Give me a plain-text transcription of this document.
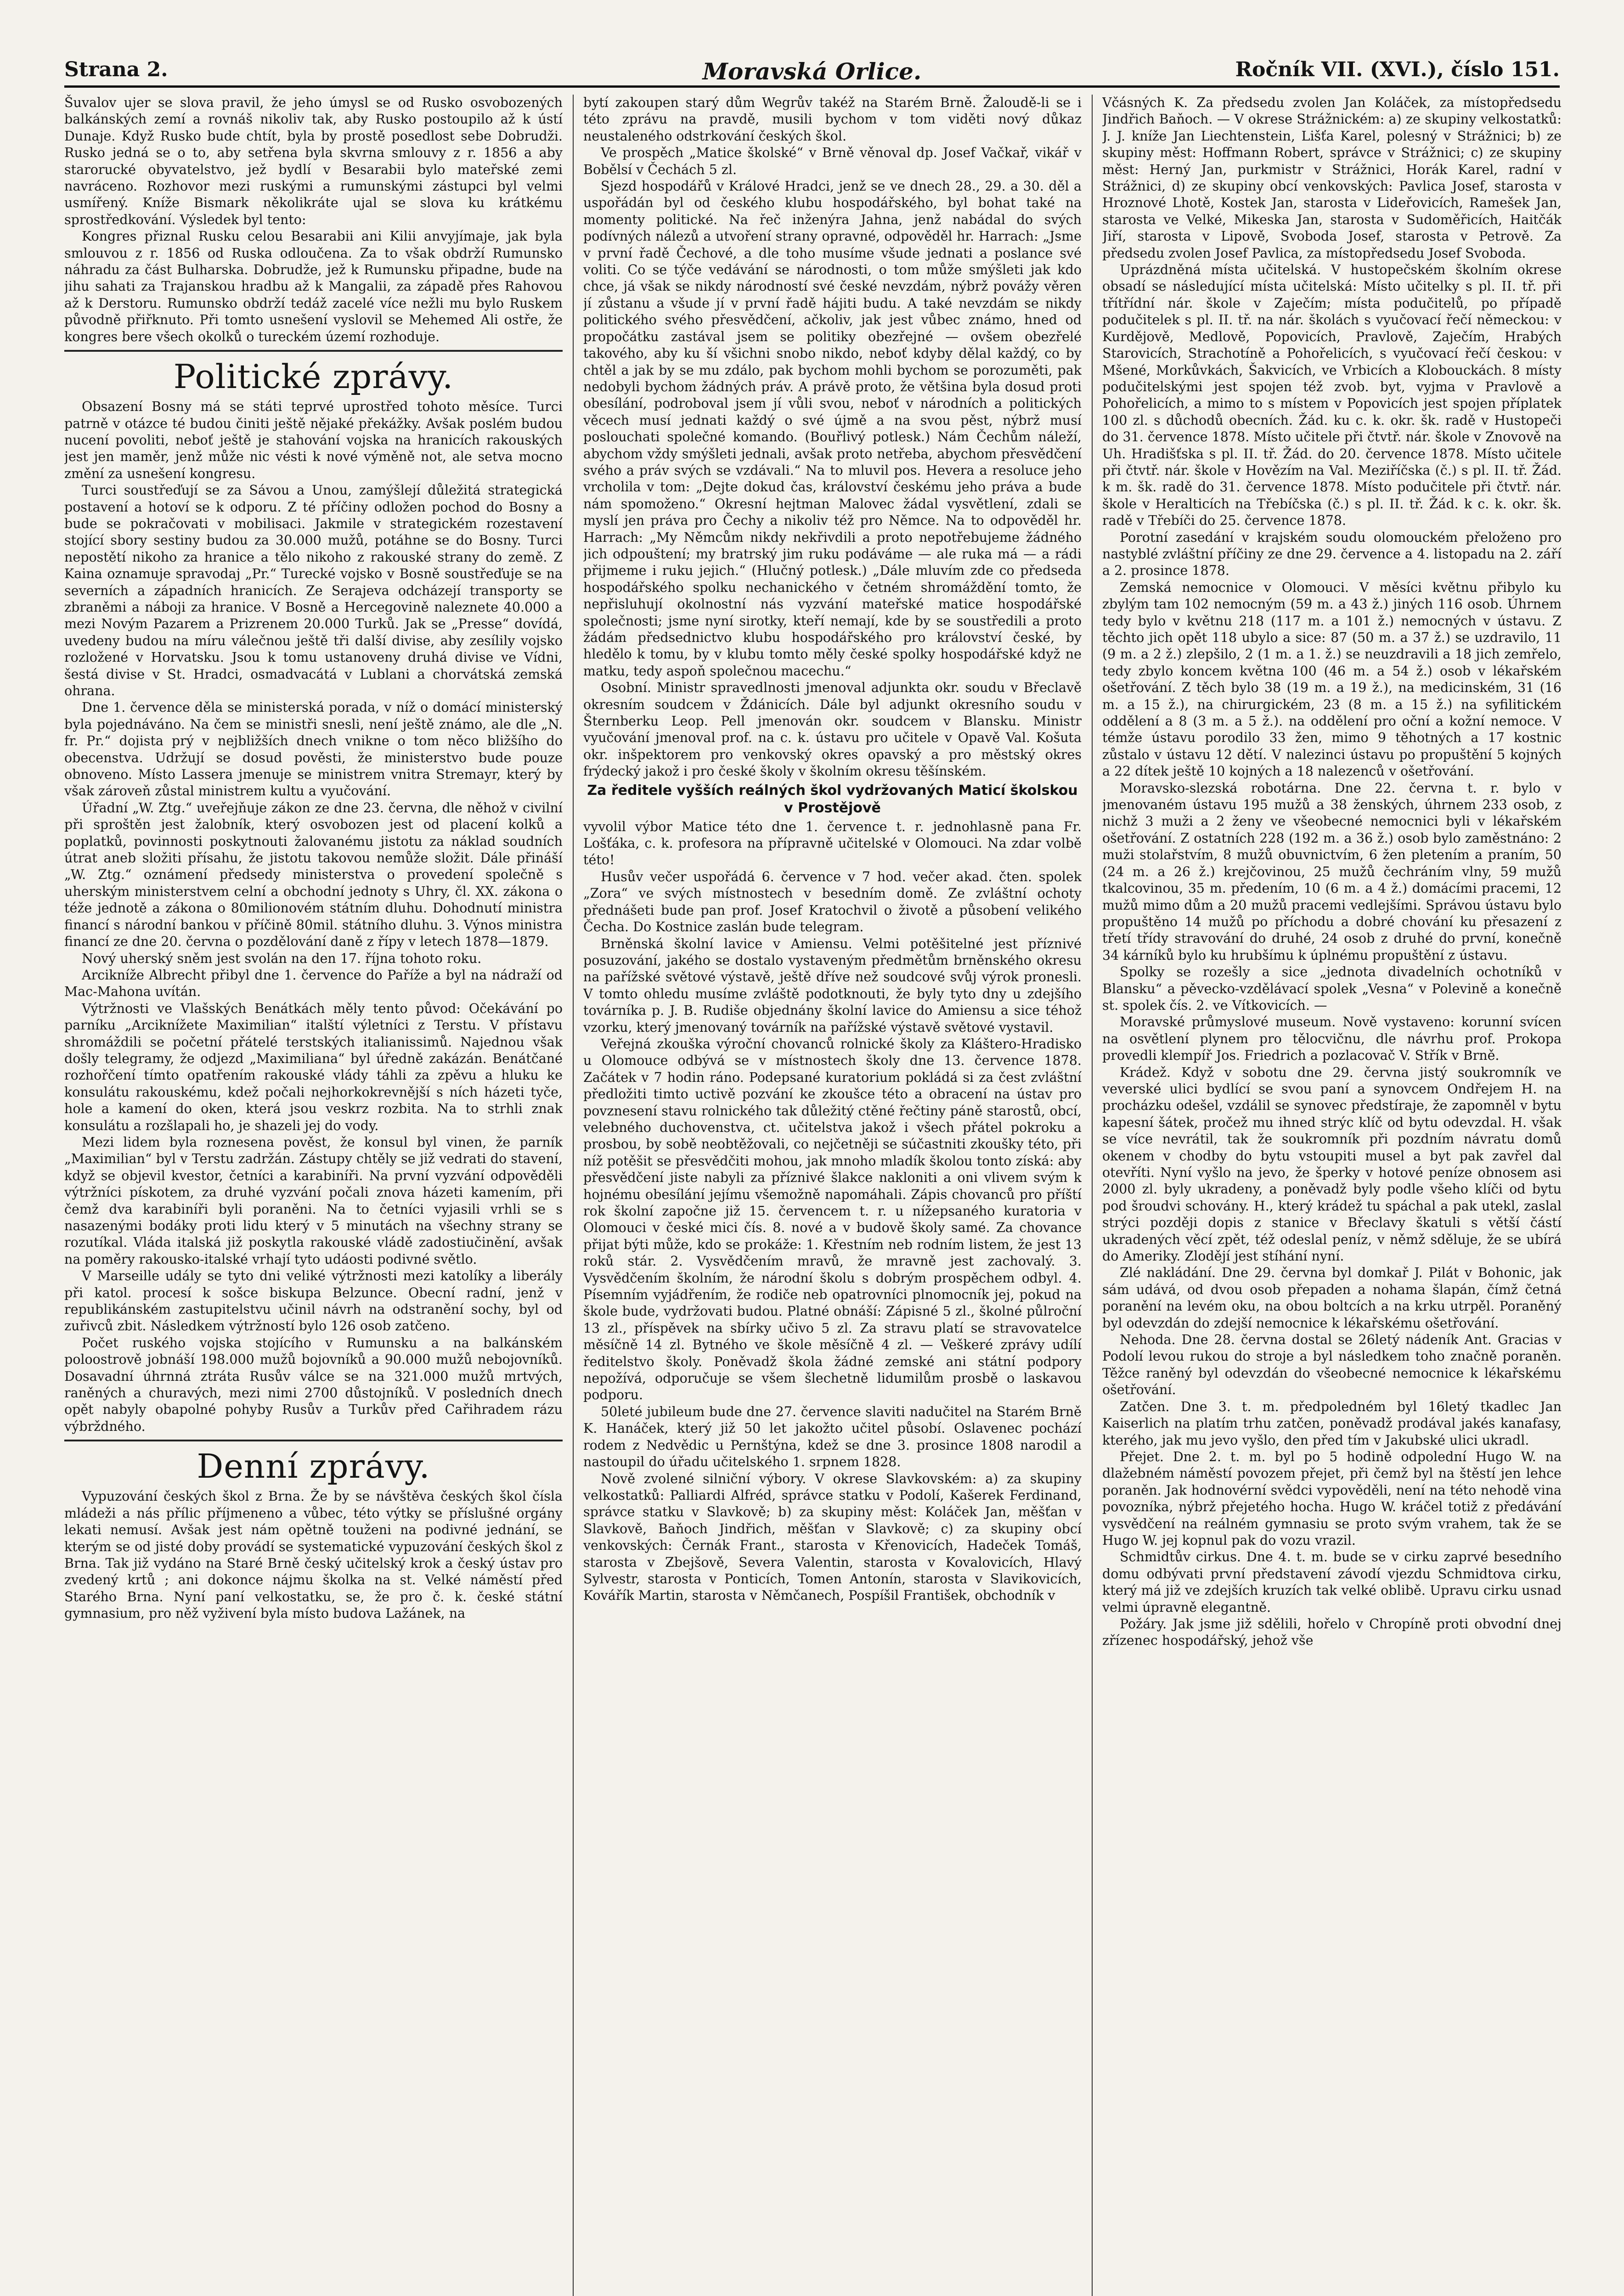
Strana 2.	Moravská Orlice.	Ročník VII. (XVI.), číslo 151.

Šuvalov ujer se slova pravil, že jeho úmysl se od Rusko osvobozených balkánských zemí a rovnáš nikoliv tak, aby Rusko postoupilo až k ústí Dunaje. Když Rusko bude chtít, byla by prostě posedlost sebe Dobrudži. Rusko jedná se o to, aby setřena byla skvrna smlouvy z r. 1856 a aby starorucké obyvatelstvo, jež bydlí v Besarabii bylo mateřské zemi navráceno. Rozhovor mezi ruskými a rumunskými zástupci byl velmi usmířený. Kníže Bismark několikráte ujal se slova ku krátkému sprostředkování. Výsledek byl tento:

Kongres přiznal Rusku celou Besarabii ani Kilii anvyjímaje, jak byla smlouvou z r. 1856 od Ruska odloučena. Za to však obdrží Rumunsko náhradu za část Bulharska. Dobrudže, jež k Rumunsku připadne, bude na jihu sahati za Trajanskou hradbu až k Mangalii, za západě přes Rahovou až k Derstoru. Rumunsko obdrží tedáž zacelé více nežli mu bylo Ruskem původně přiřknuto. Při tomto usnešení vyslovil se Mehemed Ali ostře, že kongres bere všech okolků o tureckém území rozhoduje.

Politické zprávy.

Obsazení Bosny má se státi teprvé uprostřed tohoto měsíce. Turci patrně v otázce té budou činiti ještě nějaké překážky. Avšak poslém budou nucení povoliti, neboť ještě je stahování vojska na hranicích rakouských jest jen maměr, jenž může nic vésti k nové výměně not, ale setva mocno změní za usnešení kongresu.

Turci soustřeďují se za Sávou a Unou, zamýšlejí důležitá strategická postavení a hotoví se k odporu. Z té příčiny odložen pochod do Bosny a bude se pokračovati v mobilisaci. Jakmile v strategickém rozestavení stojící sbory sestiny budou za 30.000 mužů, potáhne se do Bosny. Turci nepostětí nikoho za hranice a tělo nikoho z rakouské strany do země. Z Kaina oznamuje spravodaj „Pr.“ Turecké vojsko v Bosně soustřeďuje se na severních a západních hranicích. Ze Serajeva odcházejí transporty se zbraněmi a náboji za hranice. V Bosně a Hercegovině naleznete 40.000 a mezi Novým Pazarem a Prizrenem 20.000 Turků. Jak se „Presse“ dovídá, uvedeny budou na míru válečnou ještě tři další divise, aby zesílily vojsko rozložené v Horvatsku. Jsou k tomu ustanoveny druhá divise ve Vídni, šestá divise v St. Hradci, osmadvacátá v Lublani a chorvátská zemská ohrana.

Dne 1. července děla se ministerská porada, v níž o domácí ministerský byla pojednáváno. Na čem se ministři snesli, není ještě známo, ale dle „N. fr. Pr.“ dojista prý v nejbližších dnech vnikne o tom něco bližšího do obecenstva. Udržují se dosud pověsti, že ministerstvo bude pouze obnoveno. Místo Lassera jmenuje se ministrem vnitra Stremayr, který by však zároveň zůstal ministrem kultu a vyučování.

Úřadní „W. Ztg.“ uveřejňuje zákon ze dne 23. června, dle něhož v civilní při sproštěn jest žalobník, který osvobozen jest od placení kolků a poplatků, povinnosti poskytnouti žalovanému jistotu za náklad soudních útrat aneb složiti přísahu, že jistotu takovou nemůže složit. Dále přináší „W. Ztg.“ oznámení předsedy ministerstva o provedení společně s uherským ministerstvem celní a obchodní jednoty s Uhry, čl. XX. zákona o téže jednotě a zákona o 80milionovém státním dluhu. Dohodnutí ministra financí s národní bankou v příčině 80mil. státního dluhu. 3. Výnos ministra financí ze dne 20. června o pozdělování daně z řípy v letech 1878—1879.

Nový uherský sněm jest svolán na den 17. října tohoto roku.

Arcikníže Albrecht přibyl dne 1. července do Paříže a byl na nádraží od Mac-Mahona uvítán.

Výtržnosti ve Vlašských Benátkách měly tento původ: Očekávání po parníku „Arciknížete Maximilian“ italští výletníci z Terstu. V přístavu shromáždili se početní přátelé terstských italianissimů. Najednou však došly telegramy, že odjezd „Maximiliana“ byl úředně zakázán. Benátčané rozhořčení tímto opatřením rakouské vlády táhli za zpěvu a hluku ke konsulátu rakouskému, kdež počali nejhorkokrevnější s ních házeti tyče, hole a kamení do oken, která jsou veskrz rozbita. Na to strhli znak konsulátu a rozšlapali ho, je shazeli jej do vody.

Mezi lidem byla roznesena pověst, že konsul byl vinen, že parník „Maximilian“ byl v Terstu zadržán. Zástupy chtěly se již vedrati do stavení, když se objevil kvestor, četníci a karabiníři. Na první vyzvání odpověděli výtržníci pískotem, za druhé vyzvání počali znova házeti kamením, při čemž dva karabiníři byli poraněni. Na to četníci vyjasili vrhli se s nasazenými bodáky proti lidu který v 5 minutách na všechny strany se rozutíkal. Vláda italská již poskytla rakouské vládě zadostiučinění, avšak na poměry rakousko-italské vrhají tyto udáosti podivné světlo.

V Marseille udály se tyto dni veliké výtržnosti mezi katolíky a liberály při katol. procesí k sošce biskupa Belzunce. Obecní radní, jenž v republikánském zastupitelstvu učinil návrh na odstranění sochy, byl od zuřivců zbit. Následkem výtržností bylo 126 osob zatčeno.

Počet ruského vojska stojícího v Rumunsku a na balkánském poloostrově jobnáší 198.000 mužů bojovníků a 90.000 mužů nebojovníků. Dosavadní úhrnná ztráta Rusův válce se na 321.000 mužů mrtvých, raněných a churavých, mezi nimi 2700 důstojníků. V posledních dnech opět nabyly obapolné pohyby Rusův a Turkův před Cařihradem rázu výbrždného.

Denní zprávy.

Vypuzování českých škol z Brna. Že by se návštěva českých škol čísla mládeži a nás přílic příjmeneno a vůbec, této výtky se příslušné orgány lekati nemusí. Avšak jest nám opětně touženi na podivné jednání, se kterým se od jisté doby provádí se systematické vypuzování českých škol z Brna. Tak již vydáno na Staré Brně český učitelský krok a český ústav pro zvedený krtů ; ani dokonce nájmu školka na st. Velké náměstí před Starého Brna. Nyní paní velkostatku, se, že pro č. k. české státní gymnasium, pro něž vyživení byla místo budova Lažánek, na

bytí zakoupen starý dům Wegrův takéž na Starém Brně. Žaloudě-li se i této zprávu na pravdě, musili bychom v tom viděti nový důkaz neustaleného odstrkování českých škol.

Ve prospěch „Matice školské“ v Brně věnoval dp. Josef Vačkař, vikář v Bobělsí v Čechách 5 zl.

Sjezd hospodářů v Králové Hradci, jenž se ve dnech 28., 29. a 30. děl a uspořádán byl od českého klubu hospodářského, byl bohat také na momenty politické. Na řeč inženýra Jahna, jenž nabádal do svých podívných nálezů a utvoření strany opravné, odpověděl hr. Harrach: „Jsme v první řadě Čechové, a dle toho musíme všude jednati a poslance své voliti. Co se týče vedávání se národnosti, o tom může smýšleti jak kdo chce, já však se nikdy národností své české nevzdám, nýbrž povážy věren jí zůstanu a všude jí v první řadě hájiti budu. A také nevzdám se nikdy politického svého přesvědčení, ačkoliv, jak jest vůbec známo, hned od propočátku zastával jsem se politiky obezřejné — ovšem obezřelé takového, aby ku ší všichni snobo nikdo, neboť kdyby dělal každý, co by chtěl a jak by se mu zdálo, pak bychom mohli bychom se porozuměti, pak nedobyli bychom žádných práv. A právě proto, že většina byla dosud proti obesílání, podroboval jsem jí vůli svou, neboť v národních a politických věcech musí jednati každý o své újmě a na svou pěst, nýbrž musí poslouchati společné komando. (Bouřlivý potlesk.) Nám Čechům náleží, abychom vždy smýšleti jednali, avšak proto netřeba, abychom přesvědčení svého a práv svých se vzdávali.“ Na to mluvil pos. Hevera a resoluce jeho vrcholila v tom: „Dejte dokud čas, království českému jeho práva a bude nám spomoženo.“ Okresní hejtman Malovec žádal vysvětlení, zdali se myslí jen práva pro Čechy a nikoliv též pro Němce. Na to odpověděl hr. Harrach: „My Němcům nikdy nekřivdili a proto nepotřebujeme žádného jich odpouštení; my bratrský jim ruku podáváme — ale ruka má — a rádi přijmeme i ruku jejich.“ (Hlučný potlesk.) „Dále mluvím zde co předseda hospodářského spolku nechanického v četném shromáždění tomto, že nepřisluhují okolnostní nás vyzvání mateřské matice hospodářské společnosti; jsme nyní sirotky, kteří nemají, kde by se soustředili a proto žádám předsednictvo klubu hospodářského pro království české, by hledělo k tomu, by v klubu tomto měly české spolky hospodářské když ne matku, tedy aspoň společnou macechu.“

Osobní. Ministr spravedlnosti jmenoval adjunkta okr. soudu v Břeclavě okresním soudcem v Ždánicích. Dále byl adjunkt okresního soudu v Šternberku Leop. Pell jmenován okr. soudcem v Blansku. Ministr vyučování jmenoval prof. na c. k. ústavu pro učitele v Opavě Val. Košuta okr. inšpektorem pro venkovský okres opavský a pro městský okres frýdecký jakož i pro české školy v školním okresu těšínském.

Za ředitele vyšších reálných škol vydržovaných Maticí školskou v Prostějově

vyvolil výbor Matice této dne 1. července t. r. jednohlasně pana Fr. Lošťáka, c. k. profesora na přípravně učitelské v Olomouci. Na zdar volbě této!

Husův večer uspořádá 6. července v 7 hod. večer akad. čten. spolek „Zora“ ve svých místnostech v besedním domě. Ze zvláštní ochoty přednášeti bude pan prof. Josef Kratochvil o životě a působení velikého Čecha. Do Kostnice zaslán bude telegram.

Brněnská školní lavice v Amiensu. Velmi potěšitelné jest příznivé posuzování, jakého se dostalo vystaveným předmětům brněnského okresu na pařížské světové výstavě, ještě dříve než soudcové svůj výrok pronesli. V tomto ohledu musíme zvláště podotknouti, že byly tyto dny u zdejšího továrníka p. J. B. Rudiše objednány školní lavice do Amiensu a sice téhož vzorku, který jmenovaný továrník na pařížské výstavě světové vystavil.

Veřejná zkouška výroční chovanců rolnické školy za Kláštero-Hradisko u Olomouce odbývá se v místnostech školy dne 13. července 1878. Začátek v 7 hodin ráno. Podepsané kuratorium pokládá si za čest zvláštní předložiti timto uctivě pozvání ke zkoušce této a obracení na ústav pro povznesení stavu rolnického tak důležitý ctěné řečtiny páně starostů, obcí, velebného duchovenstva, ct. učitelstva jakož i všech přátel pokroku a prosbou, by sobě neobtěžovali, co nejčetněji se súčastniti zkoušky této, při níž potěšit se přesvědčiti mohou, jak mnoho mladík školou tonto získá: aby přesvědčení jiste nabyli za příznivé šlakce nakloniti a oni vlivem svým k hojnému obesílání jejímu všemožně napomáhali. Zápis chovanců pro příští rok školní započne již 15. červencem t. r. u nížepsaného kuratoria v Olomouci v české mici čís. 8. nové a v budově školy samé. Za chovance přijat býti může, kdo se prokáže: 1. Křestním neb rodním listem, že jest 13 roků stár. 2. Vysvědčením mravů, že mravně jest zachovalý. 3. Vysvědčením školním, že národní školu s dobrým prospěchem odbyl. 4. Písemním vyjádřením, že rodiče neb opatrovníci plnomocník jej, pokud na škole bude, vydržovati budou. Platné obnáší: Zápisné 5 zl., školné půlroční 13 zl., příspěvek na sbírky učivo 5 zl. Za stravu platí se stravovatelce měsíčně 14 zl. Bytného ve škole měsíčně 4 zl. — Veškeré zprávy udílí ředitelstvo školy. Poněvadž škola žádné zemské ani státní podpory nepožívá, odporučuje se všem šlechetně lidumilům prosbě o laskavou podporu.

50leté jubileum bude dne 27. července slaviti nadučitel na Starém Brně K. Hanáček, který již 50 let jakožto učitel působí. Oslavenec pochází rodem z Nedvědic u Pernštýna, kdež se dne 3. prosince 1808 narodil a nastoupil do úřadu učitelského 1. srpnem 1828.

Nově zvolené silniční výbory. V okrese Slavkovském: a) za skupiny velkostatků: Palliardi Alfréd, správce statku v Podolí, Kašerek Ferdinand, správce statku v Slavkově; b) za skupiny měst: Koláček Jan, měšťan v Slavkově, Baňoch Jindřich, měšťan v Slavkově; c) za skupiny obcí venkovských: Černák Frant., starosta v Křenovicích, Hadeček Tomáš, starosta v Zbejšově, Severa Valentin, starosta v Kovalovicích, Hlavý Sylvestr, starosta v Ponticích, Tomen Antonín, starosta v Slavikovicích, Kovářík Martin, starosta v Němčanech, Pospíšil František, obchodník v

Včásných K. Za předsedu zvolen Jan Koláček, za místopředsedu Jindřich Baňoch. — V okrese Strážnickém: a) ze skupiny velkostatků: J. J. kníže Jan Liechtenstein, Lišťa Karel, polesný v Strážnici; b) ze skupiny měst: Hoffmann Robert, správce v Strážnici; c) ze skupiny měst: Herný Jan, purkmistr v Strážnici, Horák Karel, radní v Strážnici, d) ze skupiny obcí venkovských: Pavlica Josef, starosta v Hroznové Lhotě, Kostek Jan, starosta v Lideřovicích, Ramešek Jan, starosta ve Velké, Mikeska Jan, starosta v Sudoměřicích, Haitčák Jiří, starosta v Lipově, Svoboda Josef, starosta v Petrově. Za předsedu zvolen Josef Pavlica, za místopředsedu Josef Svoboda.

Uprázdněná místa učitelská. V hustopečském školním okrese obsadí se následující místa učitelská: Místo učitelky s pl. II. tř. při třítřídní nár. škole v Zaječím; místa podučitelů, po případě podučitelek s pl. II. tř. na nár. školách s vyučovací řečí německou: v Kurdějově, Medlově, Popovicích, Pravlově, Zaječím, Hrabých Starovicích, Strachotíně a Pohořelicích, s vyučovací řečí českou: v Mšené, Morkůvkách, Šakvicích, ve Vrbicích a Klobouckách. 8 místy podučitelskými jest spojen též zvob. byt, vyjma v Pravlově a Pohořelicích, a mimo to s místem v Popovicích jest spojen příplatek 100 zl. s důchodů obecních. Žád. ku c. k. okr. šk. radě v Hustopeči do 31. července 1878. Místo učitele při čtvtř. nár. škole v Znovově na Uh. Hradišťska s pl. II. tř. Žád. do 20. července 1878. Místo učitele při čtvtř. nár. škole v Hovězím na Val. Meziříčska (č.) s pl. II. tř. Žád. k m. šk. radě do 31. července 1878. Místo podučitele při čtvtř. nár. škole v Heralticích na Třebíčska (č.) s pl. II. tř. Žád. k c. k. okr. šk. radě v Třebíči do 25. července 1878.

Porotní zasedání v krajském soudu olomouckém přeloženo pro nastyblé zvláštní příčiny ze dne 29. července a 4. listopadu na 2. září a 2. prosince 1878.

Zemská nemocnice v Olomouci. V měsíci květnu přibylo ku zbylým tam 102 nemocným (59 m. a 43 ž.) jiných 116 osob. Úhrnem tedy bylo v květnu 218 (117 m. a 101 ž.) nemocných v ústavu. Z těchto jich opět 118 ubylo a sice: 87 (50 m. a 37 ž.) se uzdravilo, 11 (9 m. a 2 ž.) zlepšilo, 2 (1 m. a 1. ž.) se neuzdravili a 18 jich zemřelo, tedy zbylo koncem května 100 (46 m. a 54 ž.) osob v lékařském ošetřování. Z těch bylo 38 (19 m. a 19 ž.), na medicinském, 31 (16 m. a 15 ž.), na chirurgickém, 23 (8 m. a 15 ž.) na syfilitickém oddělení a 8 (3 m. a 5 ž.). na oddělení pro oční a kožní nemoce. V témže ústavu porodilo 33 žen, mimo 9 těhotných a 17 kostnic zůstalo v ústavu 12 dětí. V nalezinci ústavu po propuštění 5 kojných a 22 dítek ještě 10 kojných a 18 nalezenců v ošetřování.

Moravsko-slezská robotárna. Dne 22. června t. r. bylo v jmenovaném ústavu 195 mužů a 38 ženských, úhrnem 233 osob, z nichž 3 muži a 2 ženy ve všeobecné nemocnici byli v lékařském ošetřování. Z ostatních 228 (192 m. a 36 ž.) osob bylo zaměstnáno: 2 muži stolařstvím, 8 mužů obuvnictvím, 6 žen pletením a praním, 50 (24 m. a 26 ž.) krejčovinou, 25 mužů čechráním vlny, 59 mužů tkalcovinou, 35 m. předením, 10 (6 m. a 4 ž.) domácími pracemi, 12 mužů mimo dům a 20 mužů pracemi vedlejšími. Správou ústavu bylo propuštěno 14 mužů po příchodu a dobré chování ku přesazení z třetí třídy stravování do druhé, 24 osob z druhé do první, konečně 34 kárníků bylo ku hrubšímu k úplnému propuštění z ústavu.

Spolky se rozešly a sice „jednota divadelních ochotníků v Blansku“ a pěvecko-vzdělávací spolek „Vesna“ v Polevině a konečně st. spolek čís. 2. ve Vítkovicích. —

Moravské průmyslové museum. Nově vystaveno: korunní svícen na osvětlení plynem pro tělocvičnu, dle návrhu prof. Prokopa provedli klempíř Jos. Friedrich a pozlacovač V. Střík v Brně.

Krádež. Když v sobotu dne 29. června jistý soukromník ve veverské ulici bydlící se svou paní a synovcem Ondřejem H. na procházku odešel, vzdálil se synovec předstíraje, že zapomněl v bytu kapesní šátek, pročež mu ihned strýc klíč od bytu odevzdal. H. však se více nevrátil, tak že soukromník při pozdním návratu domů okenem v chodby do bytu vstoupiti musel a byt pak zavřel dal otevříti. Nyní vyšlo na jevo, že šperky v hotové peníze obnosem asi 2000 zl. byly ukradeny, a poněvadž byly podle všeho klíči od bytu pod šroudvi schovány. H., který krádež tu spáchal a pak utekl, zaslal strýci později dopis z stanice v Břeclavy škatuli s větší částí ukradených věcí zpět, též odeslal peníz, v němž sděluje, že se ubírá do Ameriky. Zlodějí jest stíhání nyní.

Zlé nakládání. Dne 29. června byl domkař J. Pilát v Bohonic, jak sám udává, od dvou osob přepaden a nohama šlapán, čímž četná poranění na levém oku, na obou boltcích a na krku utrpěl. Poraněný byl odevzdán do zdejší nemocnice k lékařskému ošetřování.

Nehoda. Dne 28. června dostal se 26letý nádeník Ant. Gracias v Podolí levou rukou do stroje a byl následkem toho značně poraněn. Těžce raněný byl odevzdán do všeobecné nemocnice k lékařskému ošetřování.

Zatčen. Dne 3. t. m. předpoledném byl 16letý tkadlec Jan Kaiserlich na platím trhu zatčen, poněvadž prodával jakés kanafasy, kterého, jak mu jevo vyšlo, den před tím v Jakubské ulici ukradl.

Přejet. Dne 2. t. m. byl po 5 hodině odpolední Hugo W. na dlažebném náměstí povozem přejet, při čemž byl na štěstí jen lehce poraněn. Jak hodnovérní svědci vypověděli, není na této nehodě vina povozníka, nýbrž přejetého hocha. Hugo W. kráčel totiž z předávání vysvědčení na reálném gymnasiu se proto svým vrahem, tak že se Hugo W. jej kopnul pak do vozu vrazil.

Schmidtův cirkus. Dne 4. t. m. bude se v cirku zaprvé besedního domu odbývati první představení závodí vjezdu Schmidtova cirku, který má již ve zdejších kruzích tak velké oblibě. Upravu cirku usnad velmi úpravně elegantně.

Požáry. Jak jsme již sdělili, hořelo v Chropíně proti obvodní dnej zřízenec hospodářský, jehož vše
